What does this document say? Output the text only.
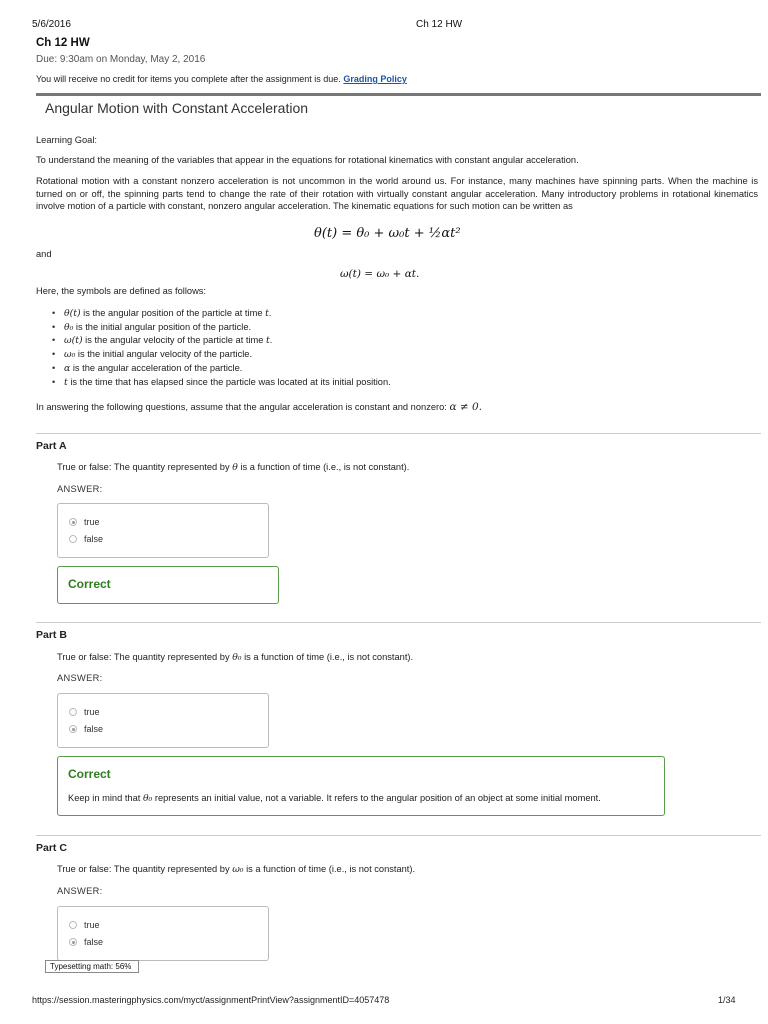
5/6/2016	Ch 12 HW
Ch 12 HW
Due: 9:30am on Monday, May 2, 2016
You will receive no credit for items you complete after the assignment is due. Grading Policy
Angular Motion with Constant Acceleration
Learning Goal:
To understand the meaning of the variables that appear in the equations for rotational kinematics with constant angular acceleration.
Rotational motion with a constant nonzero acceleration is not uncommon in the world around us. For instance, many machines have spinning parts. When the machine is turned on or off, the spinning parts tend to change the rate of their rotation with virtually constant angular acceleration. Many introductory problems in rotational kinematics involve motion of a particle with constant, nonzero angular acceleration. The kinematic equations for such motion can be written as
θ(t) = θ₀ + ω₀t + ½αt²
and
ω(t) = ω₀ + αt.
Here, the symbols are defined as follows:
• θ(t) is the angular position of the particle at time t.
• θ₀ is the initial angular position of the particle.
• ω(t) is the angular velocity of the particle at time t.
• ω₀ is the initial angular velocity of the particle.
• α is the angular acceleration of the particle.
• t is the time that has elapsed since the particle was located at its initial position.
In answering the following questions, assume that the angular acceleration is constant and nonzero: α ≠ 0.
Part A
True or false: The quantity represented by θ is a function of time (i.e., is not constant).
ANSWER:
true
false
Correct
Part B
True or false: The quantity represented by θ₀ is a function of time (i.e., is not constant).
ANSWER:
true
false
Correct
Keep in mind that θ₀ represents an initial value, not a variable. It refers to the angular position of an object at some initial moment.
Part C
True or false: The quantity represented by ω₀ is a function of time (i.e., is not constant).
ANSWER:
true
false
Typesetting math: 56%
https://session.masteringphysics.com/myct/assignmentPrintView?assignmentID=4057478	1/34
